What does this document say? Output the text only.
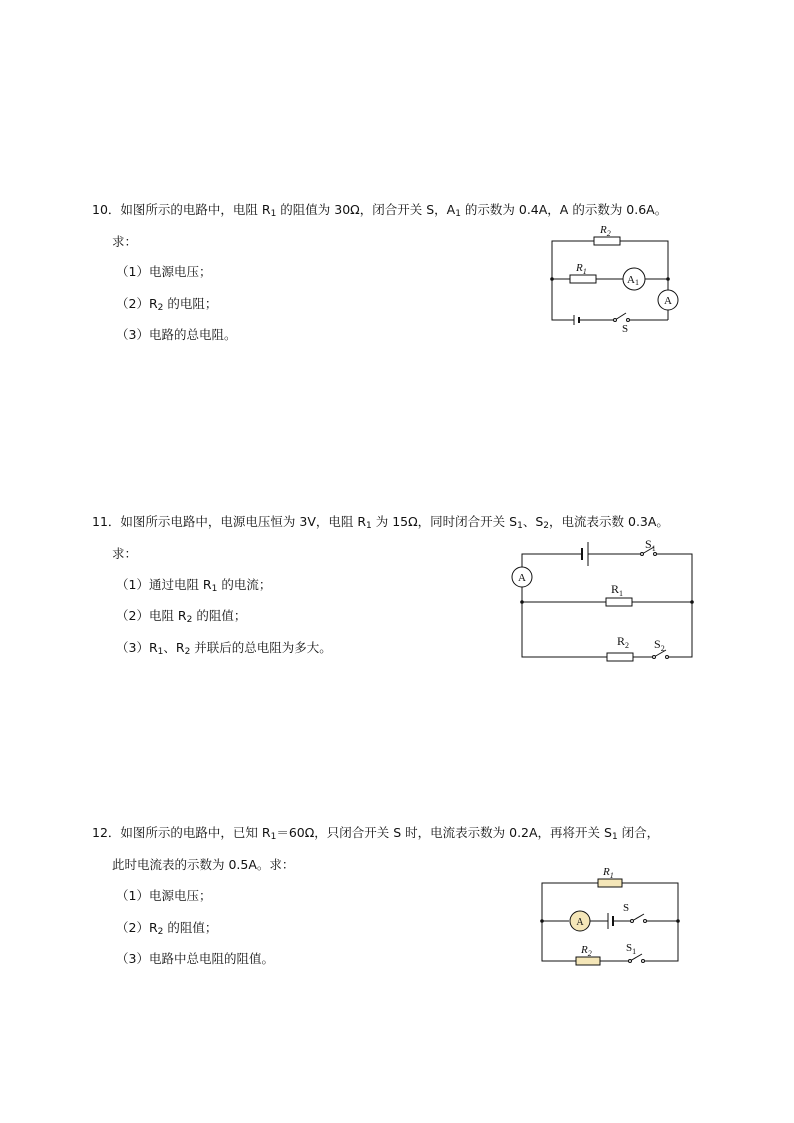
10．如图所示的电路中，电阻 $R_1$ 的阻值为 30Ω，闭合开关 S，$A_1$ 的示数为 0.4A，A 的示数为 0.6A。
求：
（1）电源电压；
$(2)R_2$ 的电阻；
（3）电路的总电阻。
$R_2$
$R_1$
A1
A
S
11．如图所示电路中，电源电压恒为 3V，电阻 $R_1$ 为 15Ω，同时闭合开关 $S_1$、$S_2$，电流表示数 0.3A。
求：
（1）通过电阻 $R_1$ 的电流；
（2）电阻 $R_2$ 的阻值；
$(3)R_1$、$R_2$ 并联后的总电阻为多大。
$S_1$
A
$R_1$
$R_2$ $S_2$
12．如图所示的电路中，已知 $R_1=60\Omega$，只闭合开关 S 时，电流表示数为 0.2A，再将开关 $S_1$ 闭合，
此时电流表的示数为 0.5A。求：
（1）电源电压；
$(2)R_2$ 的阻值；
（3）电路中总电阻的阻值。
$R_1$
A
S
$R_2$	$S_1$
